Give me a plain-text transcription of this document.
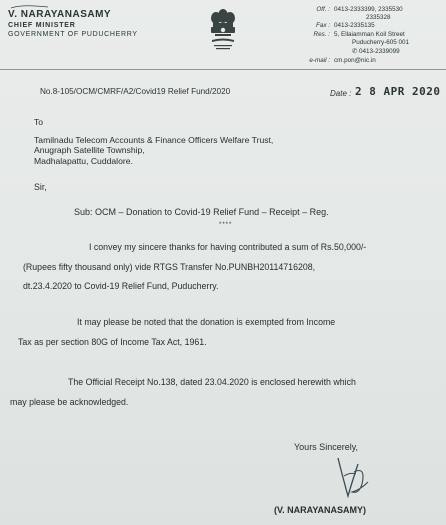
V. NARAYANASAMY
CHIEF MINISTER
GOVERNMENT OF PUDUCHERRY
Off. : 0413-2333399, 2335530
2335328
Fax : 0413-2335135
Res. : 5, Ellaiamman Koil Street
Puducherry-605 001
✆ 0413-2339099
e-mail : cm.pon@nic.in
No.8-105/OCM/CMRF/A2/Covid19 Relief Fund/2020	Date : 2 8 APR 2020
To
Tamilnadu Telecom Accounts & Finance Officers Welfare Trust,
Anugraph Satellite Township,
Madhalapattu, Cuddalore.
Sir,
Sub: OCM – Donation to Covid-19 Relief Fund – Receipt – Reg.
****
I convey my sincere thanks for having contributed a sum of Rs.50,000/-
(Rupees fifty thousand only) vide RTGS Transfer No.PUNBH20114716208,
dt.23.4.2020 to Covid-19 Relief Fund, Puducherry.
It may please be noted that the donation is exempted from Income
Tax as per section 80G of Income Tax Act, 1961.
The Official Receipt No.138, dated 23.04.2020 is enclosed herewith which
may please be acknowledged.
Yours Sincerely,
(V. NARAYANASAMY)
